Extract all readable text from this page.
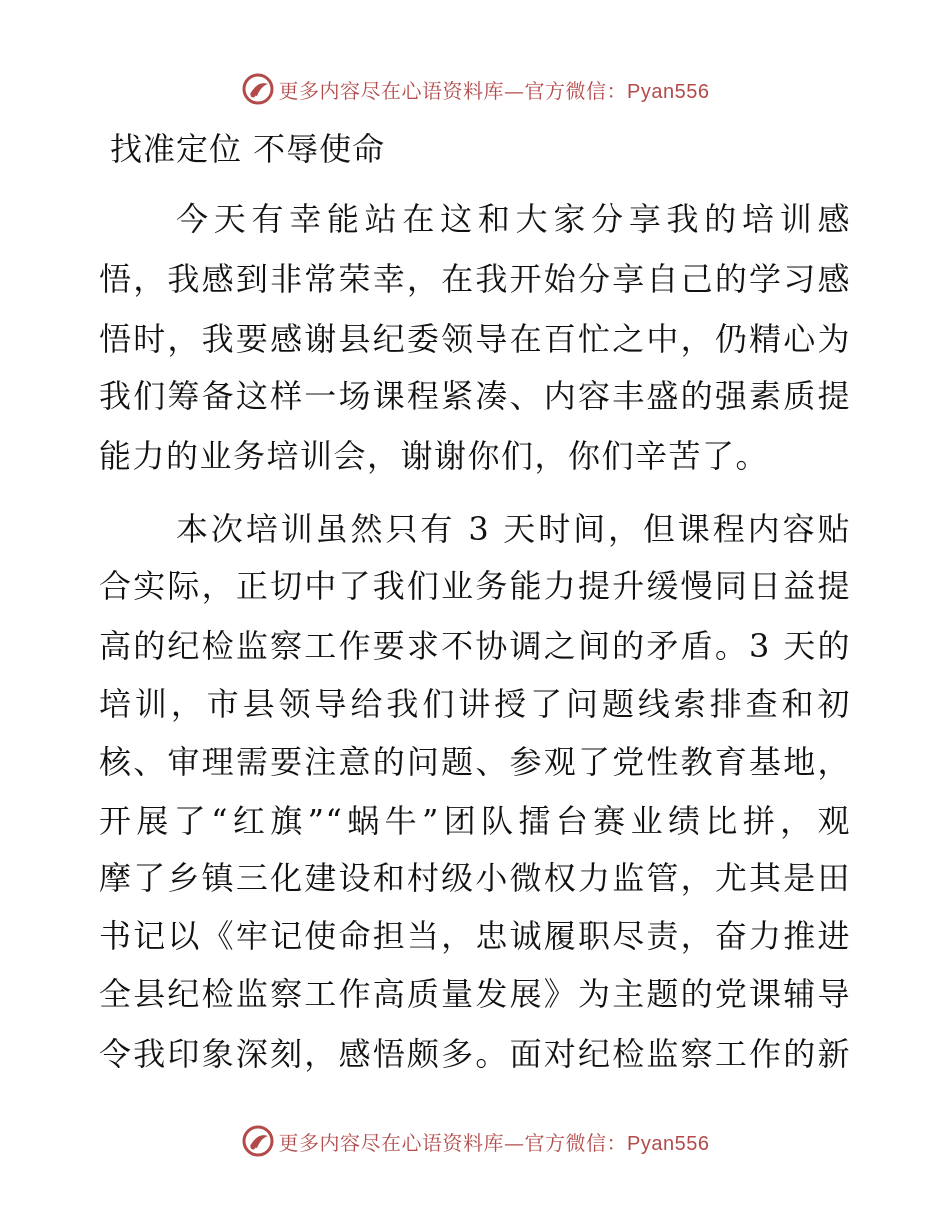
更多内容尽在心语资料库—官方微信：Pyan556
找准定位 不辱使命
今天有幸能站在这和大家分享我的培训感
悟，我感到非常荣幸，在我开始分享自己的学习感
悟时，我要感谢县纪委领导在百忙之中，仍精心为
我们筹备这样一场课程紧凑、内容丰盛的强素质提
能力的业务培训会，谢谢你们，你们辛苦了。
本次培训虽然只有 3 天时间，但课程内容贴
合实际，正切中了我们业务能力提升缓慢同日益提
高的纪检监察工作要求不协调之间的矛盾。3 天的
培训，市县领导给我们讲授了问题线索排查和初
核、审理需要注意的问题、参观了党性教育基地，
开展了“红旗”“蜗牛”团队擂台赛业绩比拼，观
摩了乡镇三化建设和村级小微权力监管，尤其是田
书记以《牢记使命担当，忠诚履职尽责，奋力推进
全县纪检监察工作高质量发展》为主题的党课辅导
令我印象深刻，感悟颇多。面对纪检监察工作的新
更多内容尽在心语资料库—官方微信：Pyan556
